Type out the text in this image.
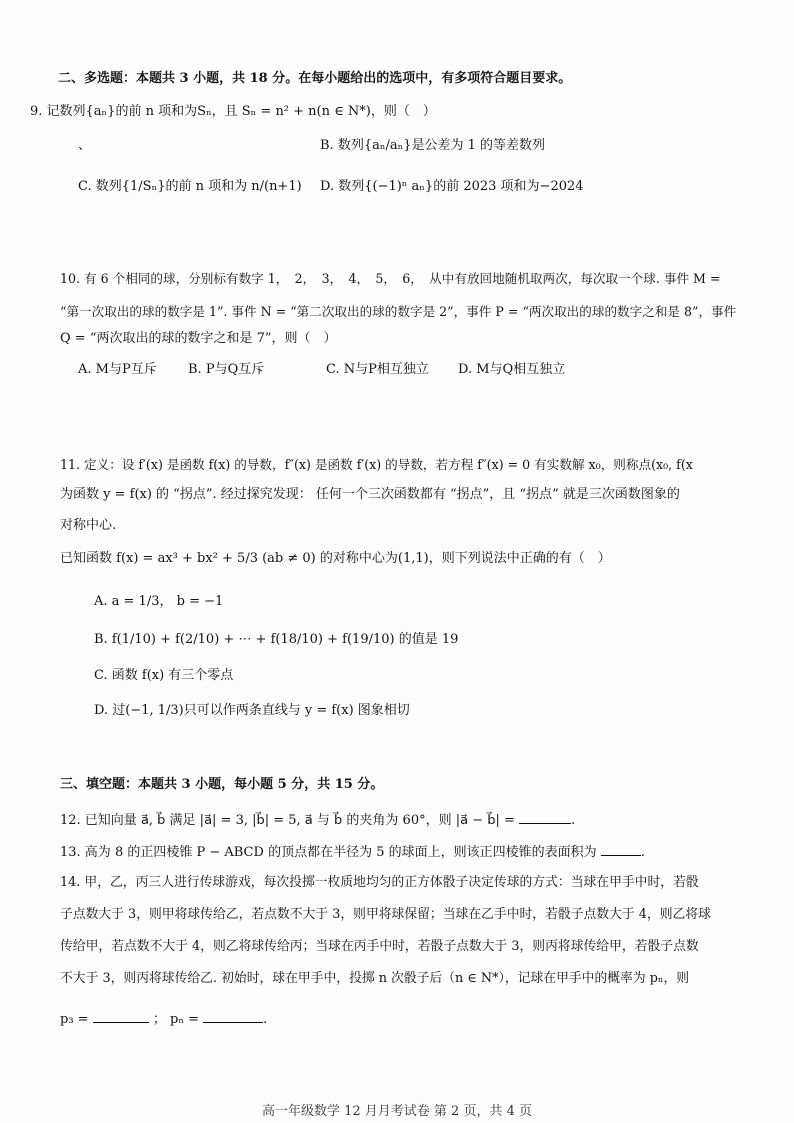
二、多选题：本题共 3 小题，共 18 分。在每小题给出的选项中，有多项符合题目要求。
9. 记数列{aₙ}的前 n 项和为Sₙ，且 Sₙ = n² + n(n ∈ N*)，则（　）
、	B. 数列{aₙ/aₙ}是公差为 1 的等差数列
C. 数列{1/Sₙ}的前 n 项和为 n/(n+1) D. 数列{(−1)ⁿ aₙ}的前 2023 项和为−2024
10. 有 6 个相同的球，分别标有数字 1，　2，　3，　4，　5，　6，　从中有放回地随机取两次，每次取一个球. 事件 M =
“第一次取出的球的数字是 1”. 事件 N = “第二次取出的球的数字是 2”，事件 P = “两次取出的球的数字之和是 8”，事件
Q = “两次取出的球的数字之和是 7”，则（　）
A. M与P互斥 B. P与Q互斥	C. N与P相互独立 D. M与Q相互独立
11. 定义：设 f′(x) 是函数 f(x) 的导数，f″(x) 是函数 f′(x) 的导数，若方程 f″(x) = 0 有实数解 x₀，则称点(x₀, f(x
为函数 y = f(x) 的 “拐点”. 经过探究发现： 任何一个三次函数都有 “拐点”，且 “拐点” 就是三次函数图象的
对称中心.
已知函数 f(x) = ax³ + bx² + 5/3 (ab ≠ 0) 的对称中心为(1,1)，则下列说法中正确的有（　）
A. a = 1/3， b = −1
B. f(1/10) + f(2/10) + ⋯ + f(18/10) + f(19/10) 的值是 19
C. 函数 f(x) 有三个零点
D. 过(−1, 1/3)只可以作两条直线与 y = f(x) 图象相切
三、填空题：本题共 3 小题，每小题 5 分，共 15 分。
12. 已知向量 a⃗, b⃗ 满足 |a⃗| = 3, |b⃗| = 5, a⃗ 与 b⃗ 的夹角为 60°，则 |a⃗ − b⃗| =	.
13. 高为 8 的正四棱锥 P − ABCD 的顶点都在半径为 5 的球面上，则该正四棱锥的表面积为	.
14. 甲，乙，丙三人进行传球游戏，每次投掷一枚质地均匀的正方体骰子决定传球的方式：当球在甲手中时，若骰
子点数大于 3，则甲将球传给乙，若点数不大于 3，则甲将球保留；当球在乙手中时，若骰子点数大于 4，则乙将球
传给甲，若点数不大于 4，则乙将球传给丙；当球在丙手中时，若骰子点数大于 3，则丙将球传给甲，若骰子点数
不大于 3，则丙将球传给乙. 初始时，球在甲手中，投掷 n 次骰子后（n ∈ N*），记球在甲手中的概率为 pₙ，则
p₃ =	； pₙ =	.
高一年级数学 12 月月考试卷 第 2 页，共 4 页
